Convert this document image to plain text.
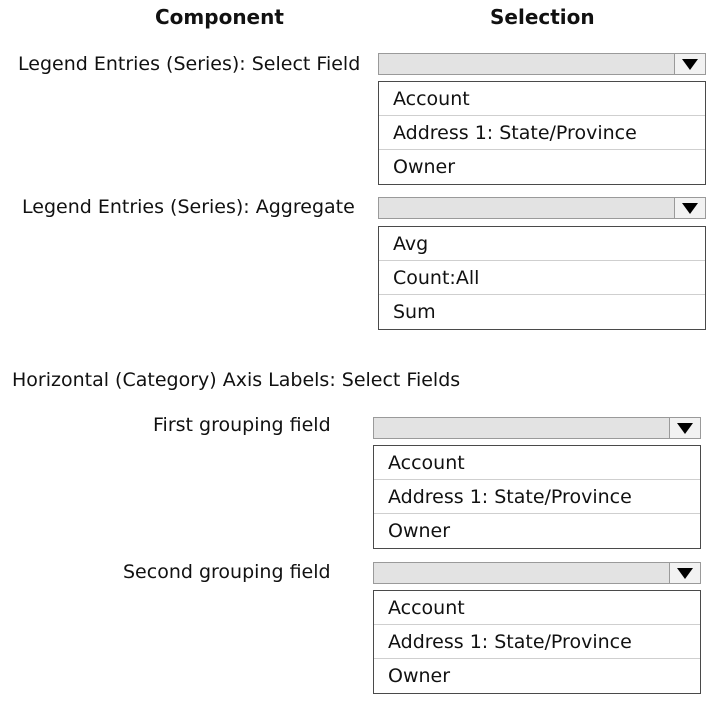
Component	Selection
Legend Entries (Series): Select Field
Account
Address 1: State/Province
Owner
Legend Entries (Series): Aggregate
Avg
Count:All
Sum
Horizontal (Category) Axis Labels: Select Fields
First grouping field
Account
Address 1: State/Province
Owner
Second grouping field
Account
Address 1: State/Province
Owner
